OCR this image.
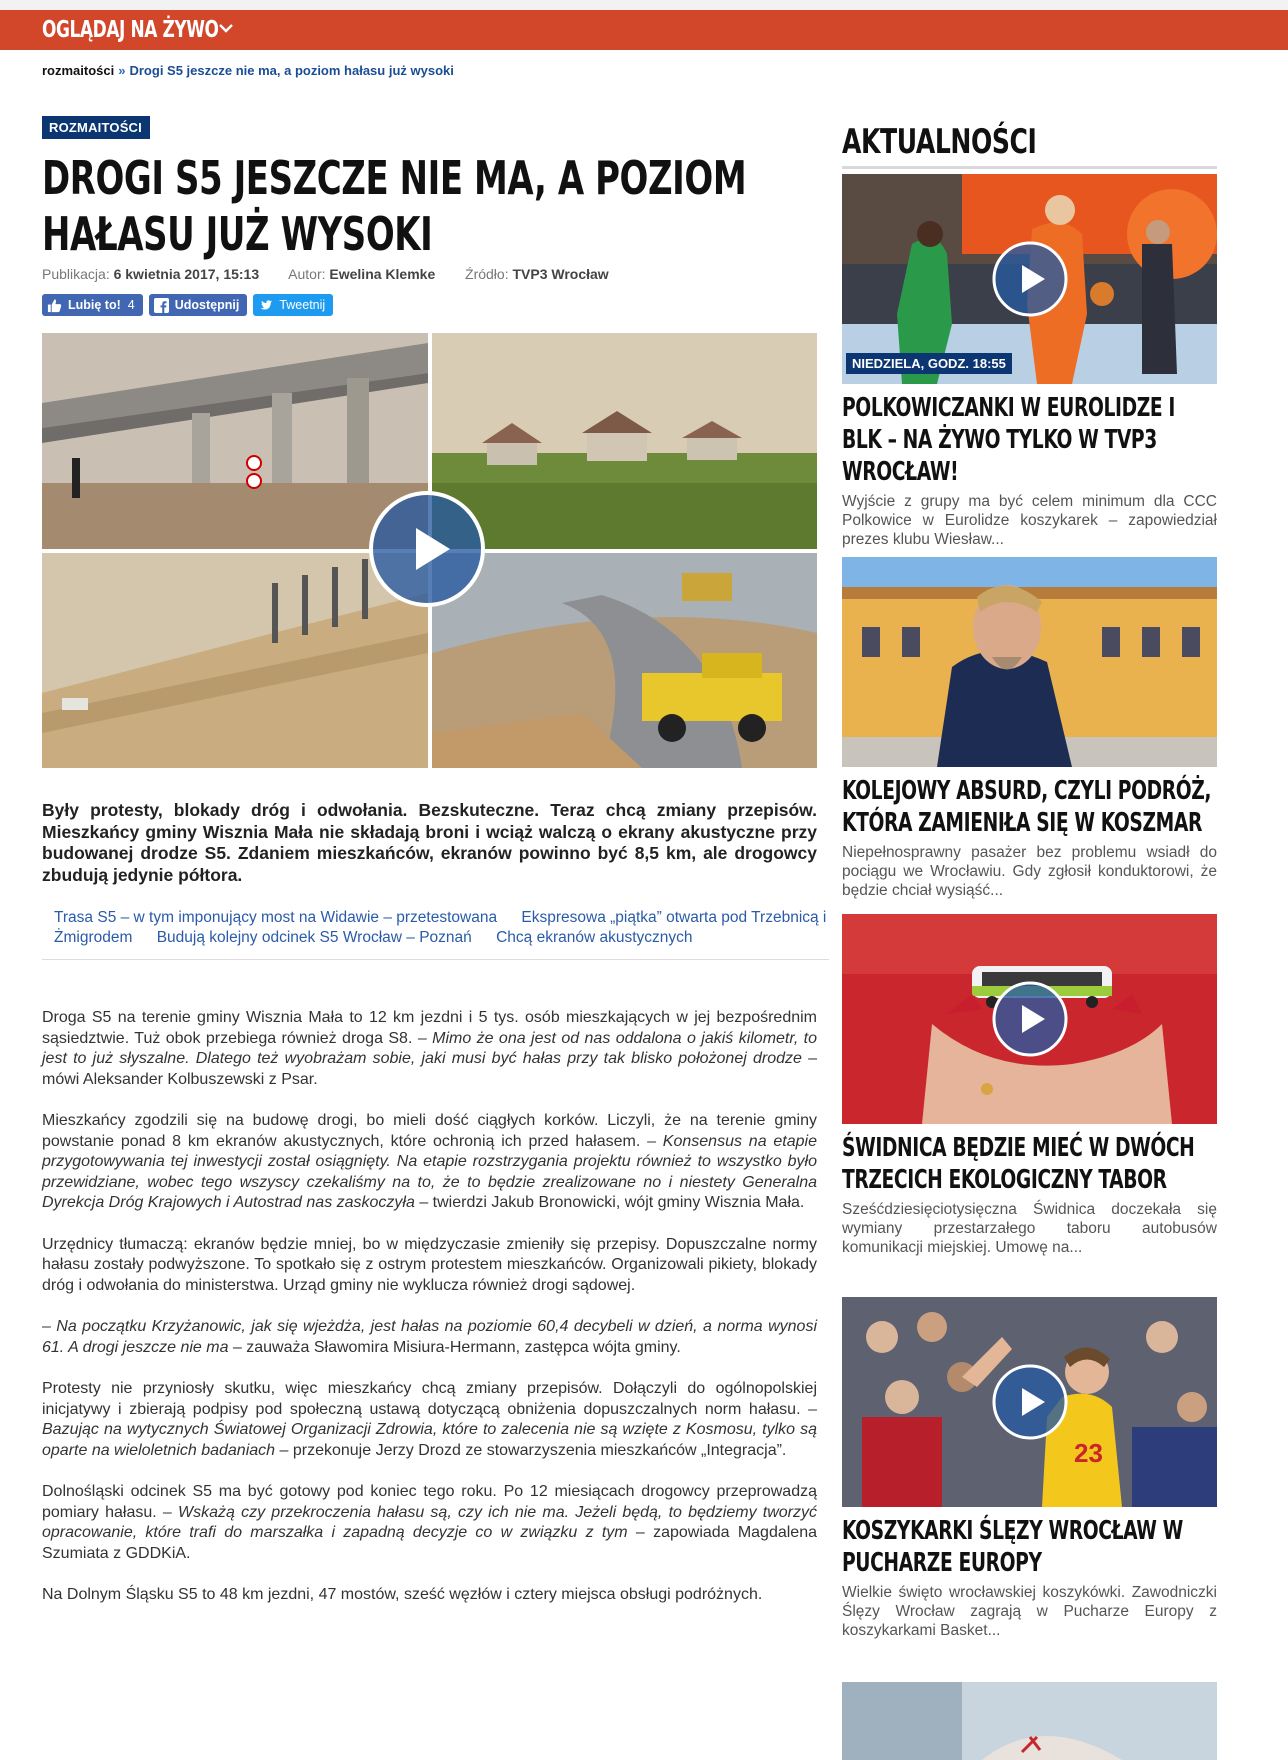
OGLĄDAJ NA ŻYWO
rozmaitości » Drogi S5 jeszcze nie ma, a poziom hałasu już wysoki
ROZMAITOŚCI
DROGI S5 JESZCZE NIE MA, A POZIOM HAŁASU JUŻ WYSOKI
Publikacja: 6 kwietnia 2017, 15:13 Autor: Ewelina Klemke Źródło: TVP3 Wrocław
Lubię to! 4	Udostępnij	Tweetnij

Były protesty, blokady dróg i odwołania. Bezskuteczne. Teraz chcą zmiany przepisów. Mieszkańcy gminy Wisznia Mała nie składają broni i wciąż walczą o ekrany akustyczne przy budowanej drodze S5. Zdaniem mieszkańców, ekranów powinno być 8,5 km, ale drogowcy zbudują jedynie półtora.

Trasa S5 – w tym imponujący most na Widawie – przetestowana Ekspresowa „piątka” otwarta pod Trzebnicą i Żmigrodem Budują kolejny odcinek S5 Wrocław – Poznań Chcą ekranów akustycznych

Droga S5 na terenie gminy Wisznia Mała to 12 km jezdni i 5 tys. osób mieszkających w jej bezpośrednim sąsiedztwie. Tuż obok przebiega również droga S8. – Mimo że ona jest od nas oddalona o jakiś kilometr, to jest to już słyszalne. Dlatego też wyobrażam sobie, jaki musi być hałas przy tak blisko położonej drodze – mówi Aleksander Kolbuszewski z Psar.

Mieszkańcy zgodzili się na budowę drogi, bo mieli dość ciągłych korków. Liczyli, że na terenie gminy powstanie ponad 8 km ekranów akustycznych, które ochronią ich przed hałasem. – Konsensus na etapie przygotowywania tej inwestycji został osiągnięty. Na etapie rozstrzygania projektu również to wszystko było przewidziane, wobec tego wszyscy czekaliśmy na to, że to będzie zrealizowane no i niestety Generalna Dyrekcja Dróg Krajowych i Autostrad nas zaskoczyła – twierdzi Jakub Bronowicki, wójt gminy Wisznia Mała.

Urzędnicy tłumaczą: ekranów będzie mniej, bo w międzyczasie zmieniły się przepisy. Dopuszczalne normy hałasu zostały podwyższone. To spotkało się z ostrym protestem mieszkańców. Organizowali pikiety, blokady dróg i odwołania do ministerstwa. Urząd gminy nie wyklucza również drogi sądowej.

– Na początku Krzyżanowic, jak się wjeżdża, jest hałas na poziomie 60,4 decybeli w dzień, a norma wynosi 61. A drogi jeszcze nie ma – zauważa Sławomira Misiura-Hermann, zastępca wójta gminy.

Protesty nie przyniosły skutku, więc mieszkańcy chcą zmiany przepisów. Dołączyli do ogólnopolskiej inicjatywy i zbierają podpisy pod społeczną ustawą dotyczącą obniżenia dopuszczalnych norm hałasu. – Bazując na wytycznych Światowej Organizacji Zdrowia, które to zalecenia nie są wzięte z Kosmosu, tylko są oparte na wieloletnich badaniach – przekonuje Jerzy Drozd ze stowarzyszenia mieszkańców „Integracja”.

Dolnośląski odcinek S5 ma być gotowy pod koniec tego roku. Po 12 miesiącach drogowcy przeprowadzą pomiary hałasu. – Wskażą czy przekroczenia hałasu są, czy ich nie ma. Jeżeli będą, to będziemy tworzyć opracowanie, które trafi do marszałka i zapadną decyzje co w związku z tym – zapowiada Magdalena Szumiata z GDDKiA.

Na Dolnym Śląsku S5 to 48 km jezdni, 47 mostów, sześć węzłów i cztery miejsca obsługi podróżnych.

AKTUALNOŚCI
NIEDZIELA, GODZ. 18:55
POLKOWICZANKI W EUROLIDZE I BLK – NA ŻYWO TYLKO W TVP3 WROCŁAW!
Wyjście z grupy ma być celem minimum dla CCC Polkowice w Eurolidze koszykarek – zapowiedział prezes klubu Wiesław...
KOLEJOWY ABSURD, CZYLI PODRÓŻ, KTÓRA ZAMIENIŁA SIĘ W KOSZMAR
Niepełnosprawny pasażer bez problemu wsiadł do pociągu we Wrocławiu. Gdy zgłosił konduktorowi, że będzie chciał wysiąść...
ŚWIDNICA BĘDZIE MIEĆ W DWÓCH TRZECICH EKOLOGICZNY TABOR
Sześćdziesięciotysięczna Świdnica doczekała się wymiany przestarzałego taboru autobusów komunikacji miejskiej. Umowę na...
23
KOSZYKARKI ŚLĘZY WROCŁAW W PUCHARZE EUROPY
Wielkie święto wrocławskiej koszykówki. Zawodniczki Ślęzy Wrocław zagrają w Pucharze Europy z koszykarkami Basket...
